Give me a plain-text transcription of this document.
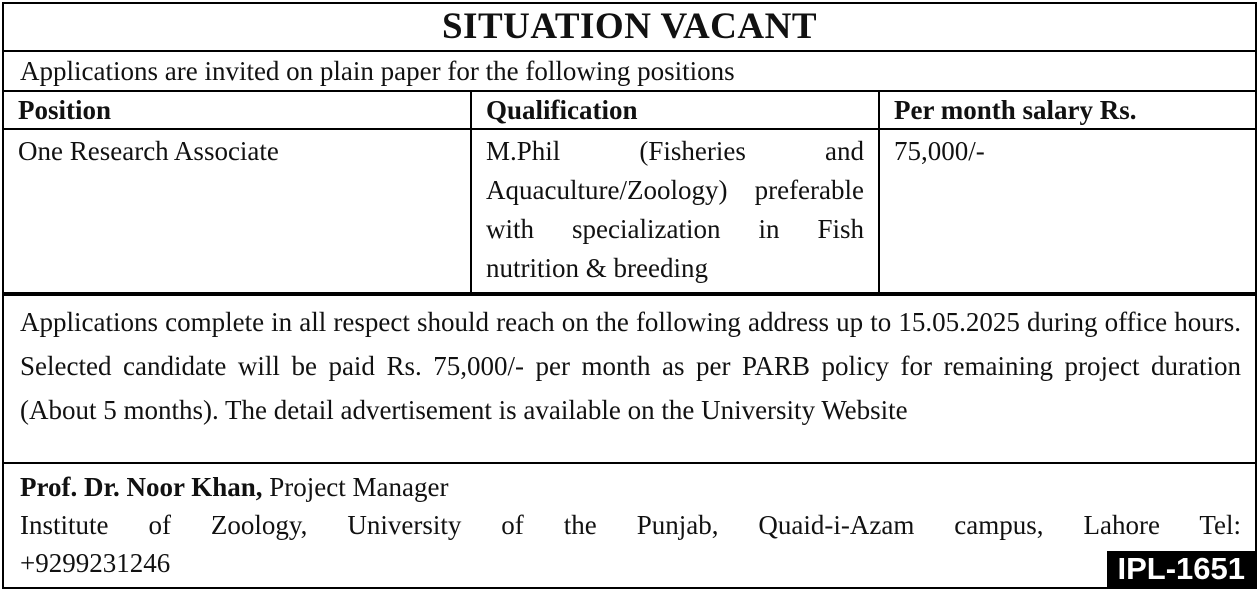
SITUATION VACANT
Applications are invited on plain paper for the following positions
Position	Qualification	Per month salary Rs.
One Research Associate	M.Phil (Fisheries and Aquaculture/Zoology) preferable with specialization in Fish nutrition & breeding	75,000/-
Applications complete in all respect should reach on the following address up to 15.05.2025 during office hours. Selected candidate will be paid Rs. 75,000/- per month as per PARB policy for remaining project duration (About 5 months). The detail advertisement is available on the University Website
Prof. Dr. Noor Khan, Project Manager
Institute of Zoology, University of the Punjab, Quaid-i-Azam campus, Lahore Tel:
+9299231246	IPL-1651
